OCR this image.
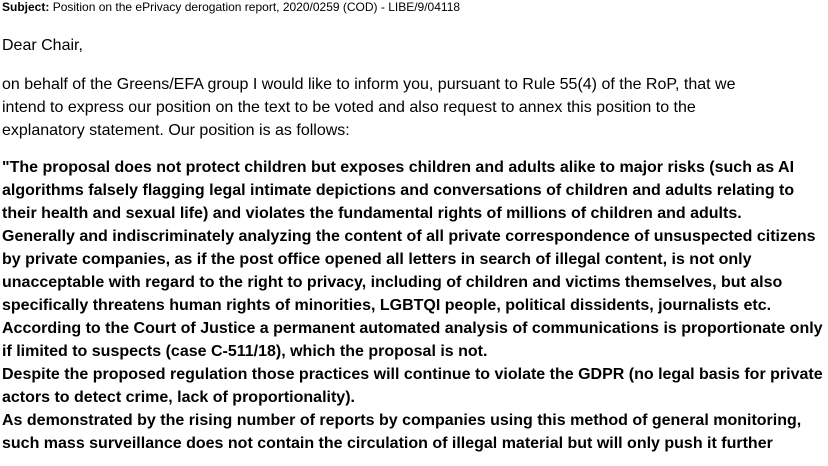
Subject: Position on the ePrivacy derogation report, 2020/0259 (COD) - LIBE/9/04118

Dear Chair,

on behalf of the Greens/EFA group I would like to inform you, pursuant to Rule 55(4) of the RoP, that we
intend to express our position on the text to be voted and also request to annex this position to the
explanatory statement. Our position is as follows:

"The proposal does not protect children but exposes children and adults alike to major risks (such as AI
algorithms falsely flagging legal intimate depictions and conversations of children and adults relating to
their health and sexual life) and violates the fundamental rights of millions of children and adults.
Generally and indiscriminately analyzing the content of all private correspondence of unsuspected citizens
by private companies, as if the post office opened all letters in search of illegal content, is not only
unacceptable with regard to the right to privacy, including of children and victims themselves, but also
specifically threatens human rights of minorities, LGBTQI people, political dissidents, journalists etc.
According to the Court of Justice a permanent automated analysis of communications is proportionate only
if limited to suspects (case C-511/18), which the proposal is not.
Despite the proposed regulation those practices will continue to violate the GDPR (no legal basis for private
actors to detect crime, lack of proportionality).
As demonstrated by the rising number of reports by companies using this method of general monitoring,
such mass surveillance does not contain the circulation of illegal material but will only push it further
